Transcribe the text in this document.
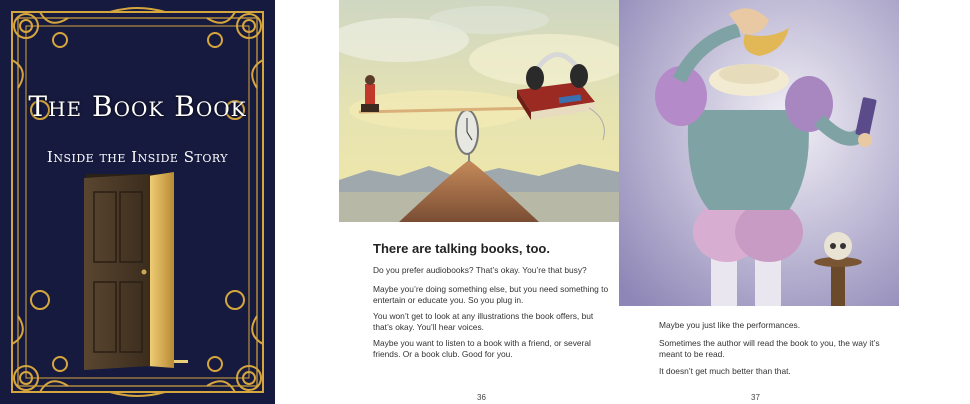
The Book Book
Inside the Inside Story
There are talking books, too.

Do you prefer audiobooks? That’s okay. You’re that busy?

Maybe you’re doing something else, but you need something to entertain or educate you. So you plug in.

You won’t get to look at any illustrations the book offers, but that’s okay. You’ll hear voices.

Maybe you want to listen to a book with a friend, or several friends. Or a book club. Good for you.

36

Maybe you just like the performances.

Sometimes the author will read the book to you, the way it’s meant to be read.

It doesn’t get much better than that.

37
